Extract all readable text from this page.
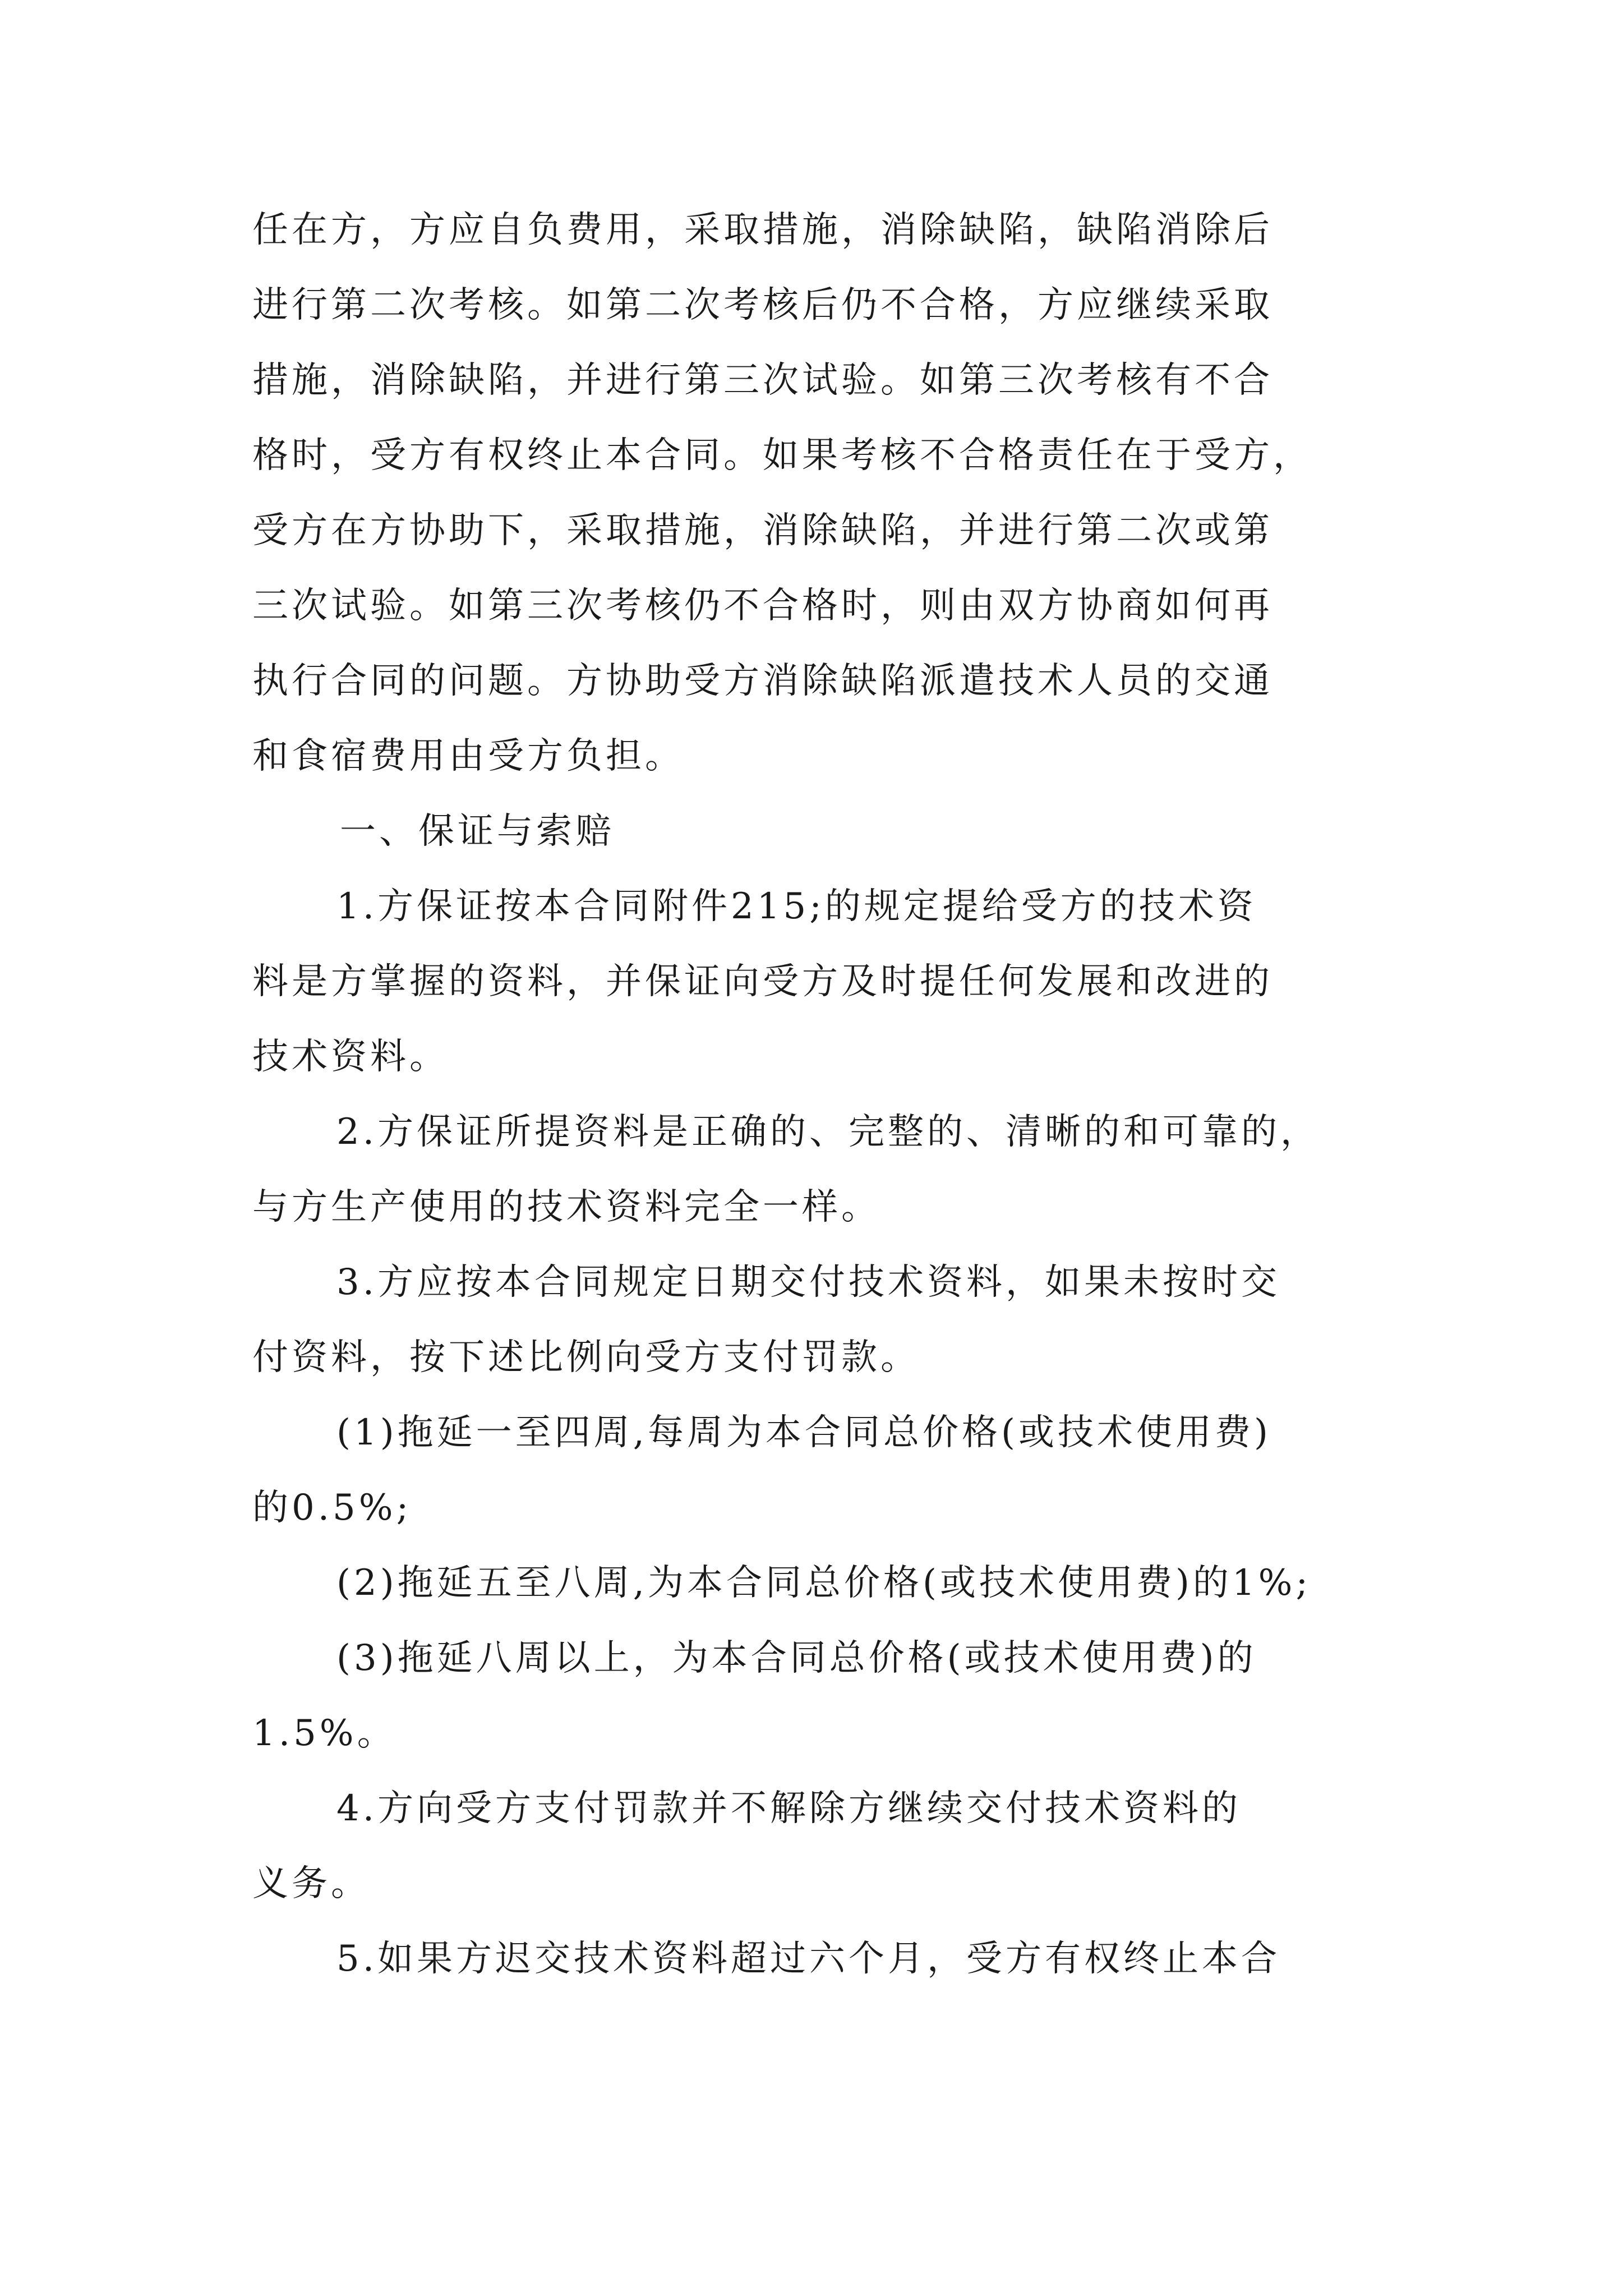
任在方，方应自负费用，采取措施，消除缺陷，缺陷消除后
进行第二次考核。如第二次考核后仍不合格，方应继续采取
措施，消除缺陷，并进行第三次试验。如第三次考核有不合
格时，受方有权终止本合同。如果考核不合格责任在于受方，
受方在方协助下，采取措施，消除缺陷，并进行第二次或第
三次试验。如第三次考核仍不合格时，则由双方协商如何再
执行合同的问题。方协助受方消除缺陷派遣技术人员的交通
和食宿费用由受方负担。
一、保证与索赔
1.方保证按本合同附件215;的规定提给受方的技术资
料是方掌握的资料，并保证向受方及时提任何发展和改进的
技术资料。
2.方保证所提资料是正确的、完整的、清晰的和可靠的，
与方生产使用的技术资料完全一样。
3.方应按本合同规定日期交付技术资料，如果未按时交
付资料，按下述比例向受方支付罚款。
(1)拖延一至四周,每周为本合同总价格(或技术使用费)
的0.5%;
(2)拖延五至八周,为本合同总价格(或技术使用费)的1%;
(3)拖延八周以上，为本合同总价格(或技术使用费)的
1.5%。
4.方向受方支付罚款并不解除方继续交付技术资料的
义务。
5.如果方迟交技术资料超过六个月，受方有权终止本合
